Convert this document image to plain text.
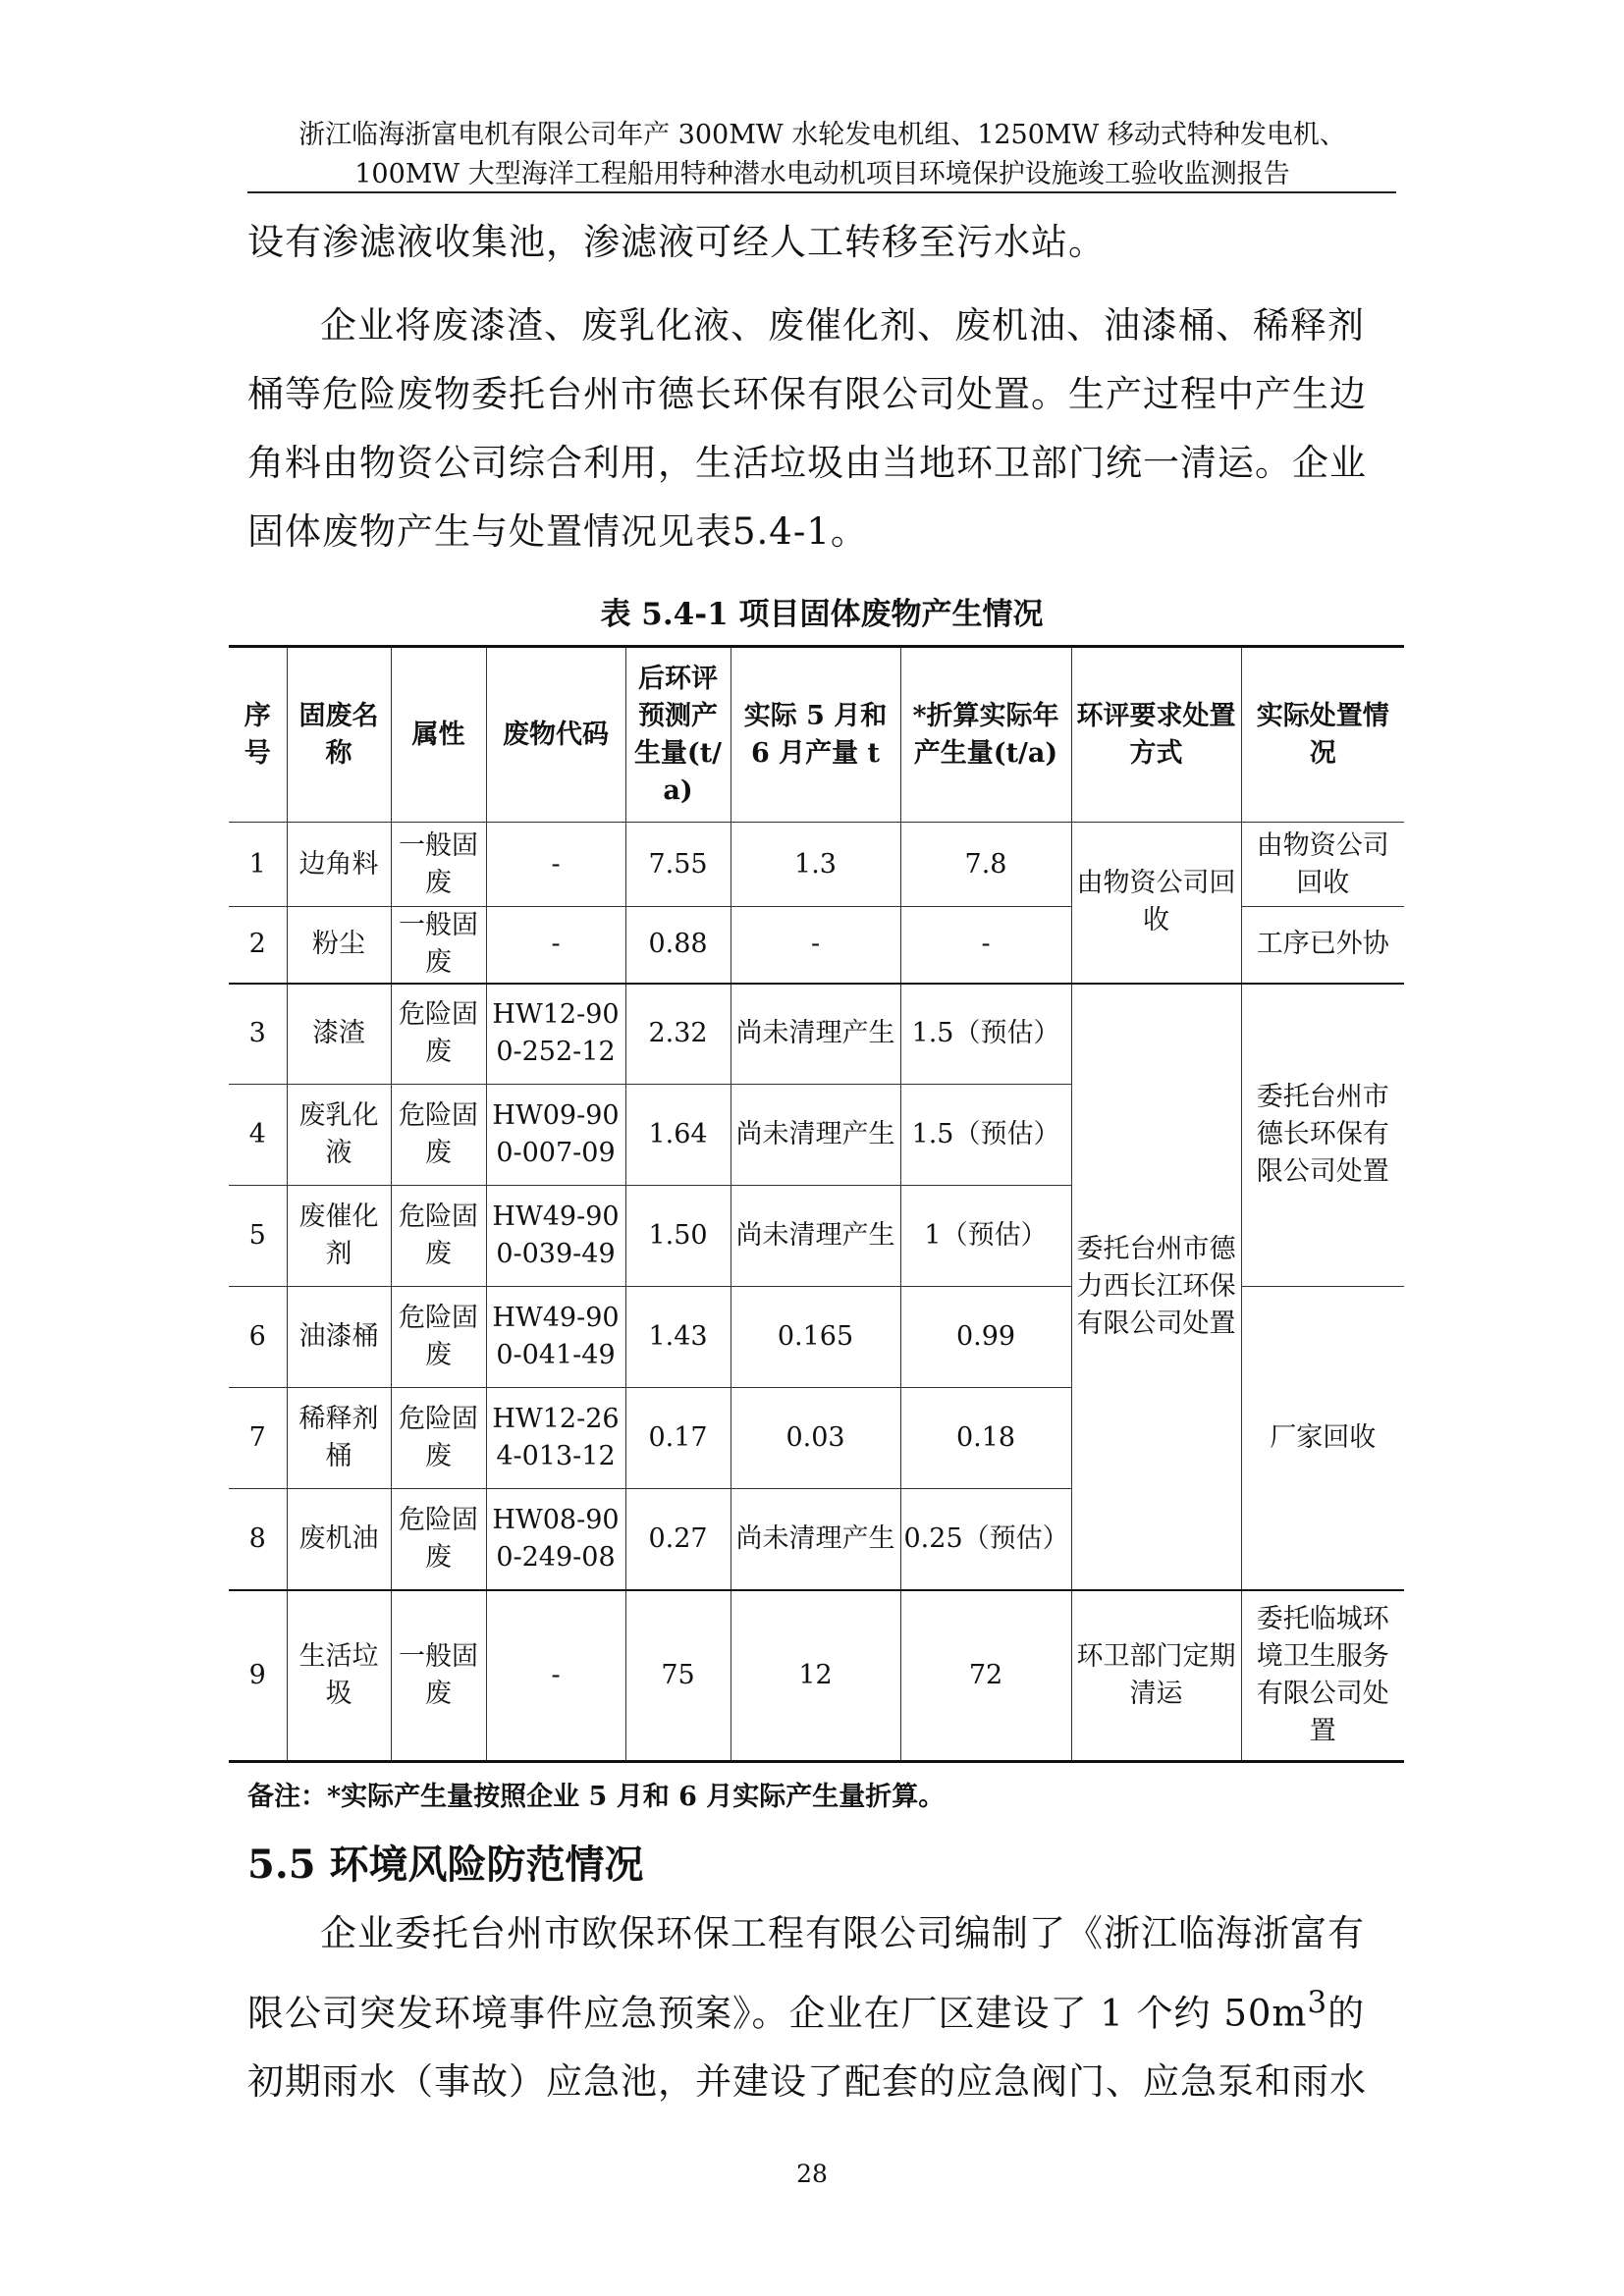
浙江临海浙富电机有限公司年产 300MW 水轮发电机组、1250MW 移动式特种发电机、
100MW 大型海洋工程船用特种潜水电动机项目环境保护设施竣工验收监测报告
设有渗滤液收集池，渗滤液可经人工转移至污水站。
企业将废漆渣、废乳化液、废催化剂、废机油、油漆桶、稀释剂桶等危险废物委托台州市德长环保有限公司处置。生产过程中产生边角料由物资公司综合利用，生活垃圾由当地环卫部门统一清运。企业固体废物产生与处置情况见表5.4-1。
表 5.4-1 项目固体废物产生情况
序号	固废名称	属性	废物代码	后环评预测产生量(t/a)	实际 5 月和 6 月产量 t	*折算实际年产生量(t/a)	环评要求处置方式	实际处置情况
1	边角料	一般固废	-	7.55	1.3	7.8	由物资公司回收	由物资公司回收
2	粉尘	一般固废	-	0.88	-	-		工序已外协
3	漆渣	危险固废	HW12-900-252-12	2.32	尚未清理产生	1.5（预估）	委托台州市德力西长江环保有限公司处置	委托台州市德长环保有限公司处置
4	废乳化液	危险固废	HW09-900-007-09	1.64	尚未清理产生	1.5（预估）		
5	废催化剂	危险固废	HW49-900-039-49	1.50	尚未清理产生	1（预估）		
6	油漆桶	危险固废	HW49-900-041-49	1.43	0.165	0.99		厂家回收
7	稀释剂桶	危险固废	HW12-264-013-12	0.17	0.03	0.18		
8	废机油	危险固废	HW08-900-249-08	0.27	尚未清理产生	0.25（预估）		
9	生活垃圾	一般固废	-	75	12	72	环卫部门定期清运	委托临城环境卫生服务有限公司处置
备注：*实际产生量按照企业 5 月和 6 月实际产生量折算。
5.5 环境风险防范情况
企业委托台州市欧保环保工程有限公司编制了《浙江临海浙富有限公司突发环境事件应急预案》。企业在厂区建设了 1 个约 $50m^3$的初期雨水（事故）应急池，并建设了配套的应急阀门、应急泵和雨水
28
